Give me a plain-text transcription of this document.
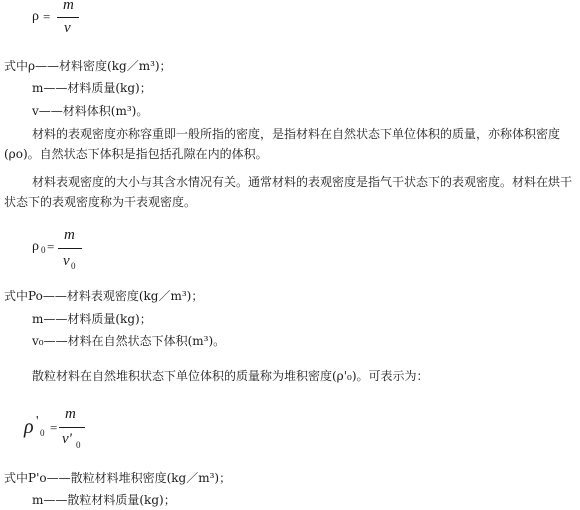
ρ =
m
v
式中ρ——材料密度(kg／m³)；
m——材料质量(kg)；
v——材料体积(m³)。
材料的表观密度亦称容重即一般所指的密度，是指材料在自然状态下单位体积的质量，亦称体积密度(ρo)。自然状态下体积是指包括孔隙在内的体积。
材料表观密度的大小与其含水情况有关。通常材料的表观密度是指气干状态下的表观密度。材料在烘干状态下的表观密度称为干表观密度。
ρ 0 =
m
v 0
式中Po——材料表观密度(kg／m³)；
m——材料质量(kg)；
v₀——材料在自然状态下体积(m³)。
散粒材料在自然堆积状态下单位体积的质量称为堆积密度(ρ'₀)。可表示为：
ρ '
0 =
m
v' 0
式中P'o——散粒材料堆积密度(kg／m³)；
m——散粒材料质量(kg)；
